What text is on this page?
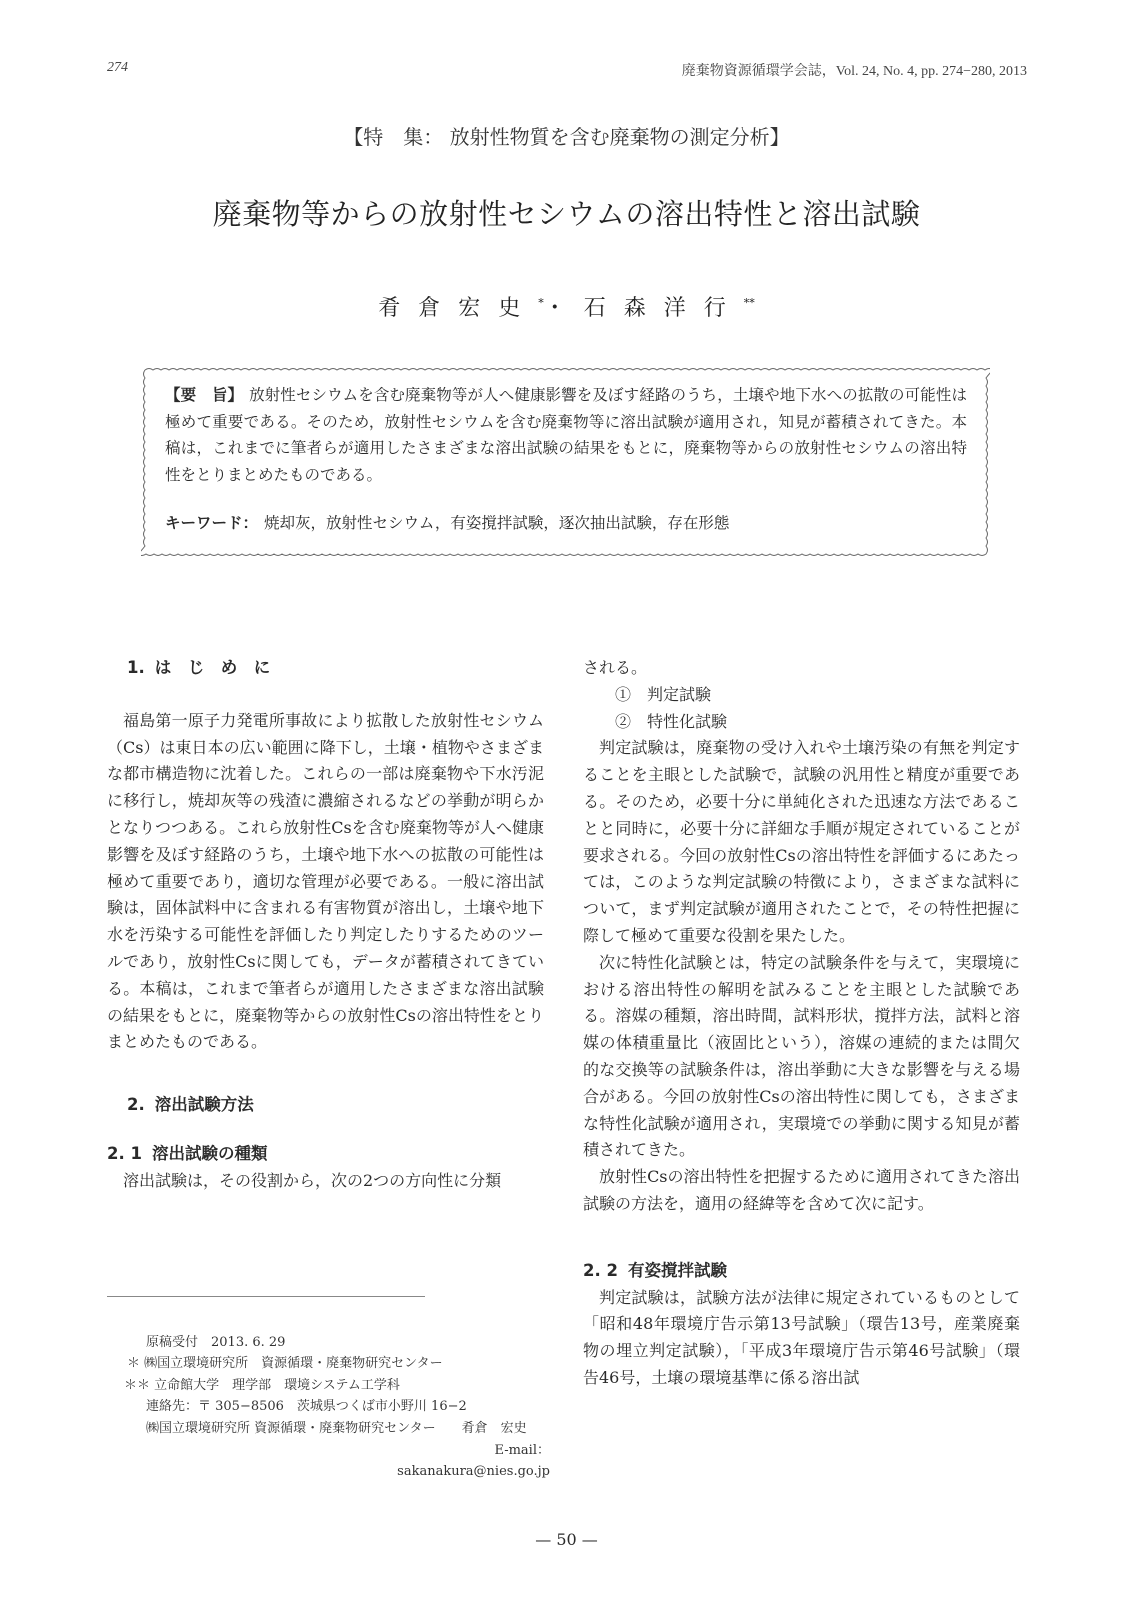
274	廃棄物資源循環学会誌，Vol. 24, No. 4, pp. 274−280, 2013
【特　集： 放射性物質を含む廃棄物の測定分析】
廃棄物等からの放射性セシウムの溶出特性と溶出試験
肴倉宏史*・石森洋行**
【要　旨】 放射性セシウムを含む廃棄物等が人へ健康影響を及ぼす経路のうち，土壌や地下水への拡散の可能性は極めて重要である。そのため，放射性セシウムを含む廃棄物等に溶出試験が適用され，知見が蓄積されてきた。本稿は，これまでに筆者らが適用したさまざまな溶出試験の結果をもとに，廃棄物等からの放射性セシウムの溶出特性をとりまとめたものである。
キーワード： 焼却灰，放射性セシウム，有姿撹拌試験，逐次抽出試験，存在形態
1. は　じ　め　に

福島第一原子力発電所事故により拡散した放射性セシウム（Cs）は東日本の広い範囲に降下し，土壌・植物やさまざまな都市構造物に沈着した。これらの一部は廃棄物や下水汚泥に移行し，焼却灰等の残渣に濃縮されるなどの挙動が明らかとなりつつある。これら放射性Csを含む廃棄物等が人へ健康影響を及ぼす経路のうち，土壌や地下水への拡散の可能性は極めて重要であり，適切な管理が必要である。一般に溶出試験は，固体試料中に含まれる有害物質が溶出し，土壌や地下水を汚染する可能性を評価したり判定したりするためのツールであり，放射性Csに関しても，データが蓄積されてきている。本稿は，これまで筆者らが適用したさまざまな溶出試験の結果をもとに，廃棄物等からの放射性Csの溶出特性をとりまとめたものである。

2. 溶出試験方法
2. 1 溶出試験の種類

溶出試験は，その役割から，次の2つの方向性に分類

される。

①　判定試験

②　特性化試験

判定試験は，廃棄物の受け入れや土壌汚染の有無を判定することを主眼とした試験で，試験の汎用性と精度が重要である。そのため，必要十分に単純化された迅速な方法であることと同時に，必要十分に詳細な手順が規定されていることが要求される。今回の放射性Csの溶出特性を評価するにあたっては，このような判定試験の特徴により，さまざまな試料について，まず判定試験が適用されたことで，その特性把握に際して極めて重要な役割を果たした。

次に特性化試験とは，特定の試験条件を与えて，実環境における溶出特性の解明を試みることを主眼とした試験である。溶媒の種類，溶出時間，試料形状，撹拌方法，試料と溶媒の体積重量比（液固比という），溶媒の連続的または間欠的な交換等の試験条件は，溶出挙動に大きな影響を与える場合がある。今回の放射性Csの溶出特性に関しても，さまざまな特性化試験が適用され，実環境での挙動に関する知見が蓄積されてきた。

放射性Csの溶出特性を把握するために適用されてきた溶出試験の方法を，適用の経緯等を含めて次に記す。

2. 2 有姿撹拌試験

判定試験は，試験方法が法律に規定されているものとして「昭和48年環境庁告示第13号試験」（環告13号，産業廃棄物の埋立判定試験），「平成3年環境庁告示第46号試験」（環告46号，土壌の環境基準に係る溶出試

原稿受付　2013. 6. 29
＊ ㈱国立環境研究所　資源循環・廃棄物研究センター
＊＊ 立命館大学　理学部　環境システム工学科
連絡先：〒 305−8506　茨城県つくば市小野川 16−2
㈱国立環境研究所 資源循環・廃棄物研究センター　　肴倉　宏史
E-mail：sakanakura@nies.go.jp
— 50 —
